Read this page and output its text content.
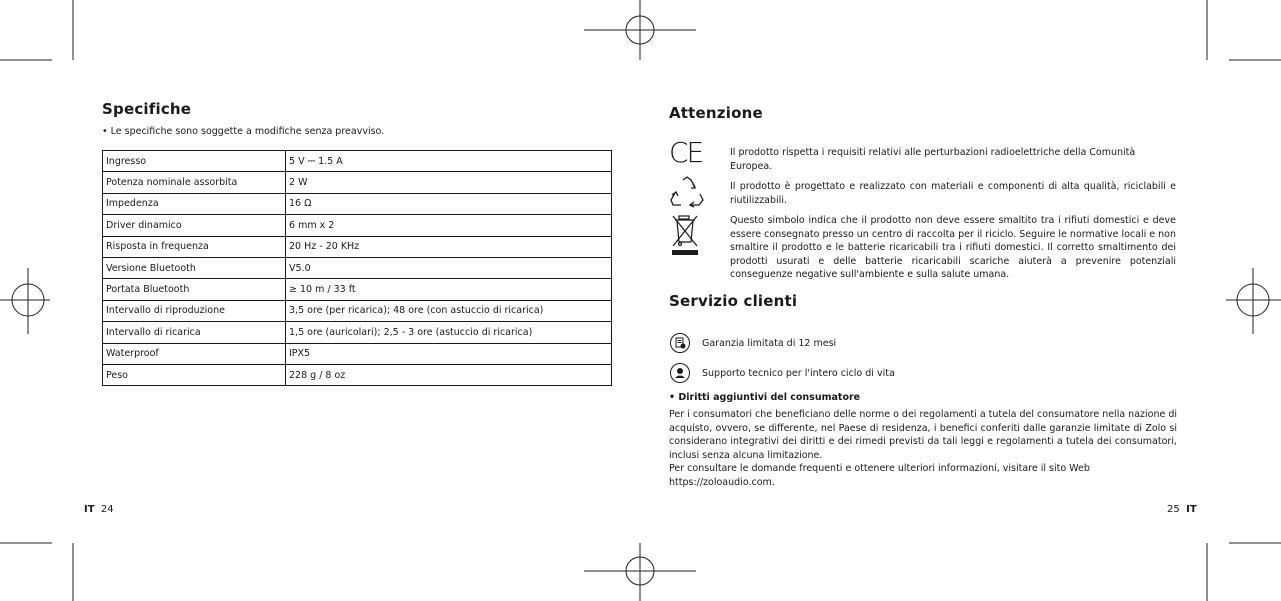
Specifiche
• Le specifiche sono soggette a modifiche senza preavviso.
Ingresso	5 V ⎓ 1.5 A
Potenza nominale assorbita	2 W
Impedenza	16 Ω
Driver dinamico	6 mm x 2
Risposta in frequenza	20 Hz - 20 KHz
Versione Bluetooth	V5.0
Portata Bluetooth	≥ 10 m / 33 ft
Intervallo di riproduzione	3,5 ore (per ricarica); 48 ore (con astuccio di ricarica)
Intervallo di ricarica	1,5 ore (auricolari); 2,5 - 3 ore (astuccio di ricarica)
Waterproof	IPX5
Peso	228 g / 8 oz
IT 24
Attenzione
CE	Il prodotto rispetta i requisiti relativi alle perturbazioni radioelettriche della Comunità Europea.
Il prodotto è progettato e realizzato con materiali e componenti di alta qualità, riciclabili e riutilizzabili.
Questo simbolo indica che il prodotto non deve essere smaltito tra i rifiuti domestici e deve essere consegnato presso un centro di raccolta per il riciclo. Seguire le normative locali e non smaltire il prodotto e le batterie ricaricabili tra i rifiuti domestici. Il corretto smaltimento dei prodotti usurati e delle batterie ricaricabili scariche aiuterà a prevenire potenziali conseguenze negative sull'ambiente e sulla salute umana.
Servizio clienti
Garanzia limitata di 12 mesi
Supporto tecnico per l'intero ciclo di vita
• Diritti aggiuntivi del consumatore
Per i consumatori che beneficiano delle norme o dei regolamenti a tutela del consumatore nella nazione di acquisto, ovvero, se differente, nel Paese di residenza, i benefici conferiti dalle garanzie limitate di Zolo si considerano integrativi dei diritti e dei rimedi previsti da tali leggi e regolamenti a tutela dei consumatori, inclusi senza alcuna limitazione.
Per consultare le domande frequenti e ottenere ulteriori informazioni, visitare il sito Web https://zoloaudio.com.
25 IT
